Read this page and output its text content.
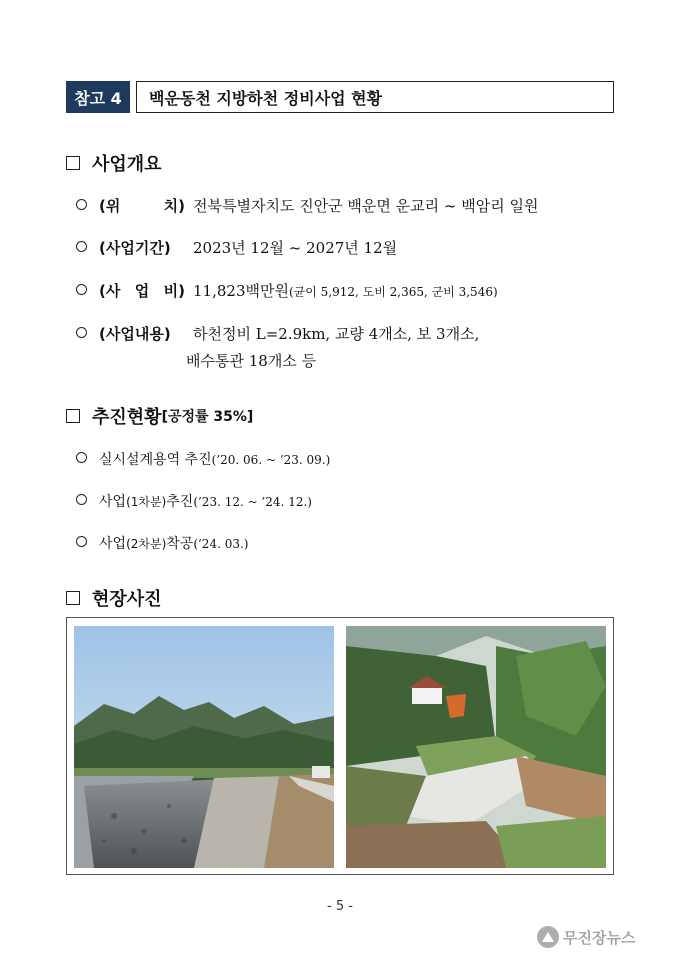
참고 4	백운동천 지방하천 정비사업 현황
사업개요
(위 치) 전북특별자치도 진안군 백운면 운교리 ~ 백암리 일원
(사업기간)	2023년 12월 ~ 2027년 12월
(사 업 비) 11,823백만원 (균이 5,912, 도비 2,365, 군비 3,546)
(사업내용)	하천정비 L=2.9km, 교량 4개소, 보 3개소,
배수통관 18개소 등
추진현황 [공정률 35%]
실시설계용역 추진 (’20. 06. ~ ’23. 09.)
사업 (1차분) 추진 (’23. 12. ~ ’24. 12.)
사업 (2차분) 착공 (’24. 03.)
현장사진
- 5 -
무진장뉴스
